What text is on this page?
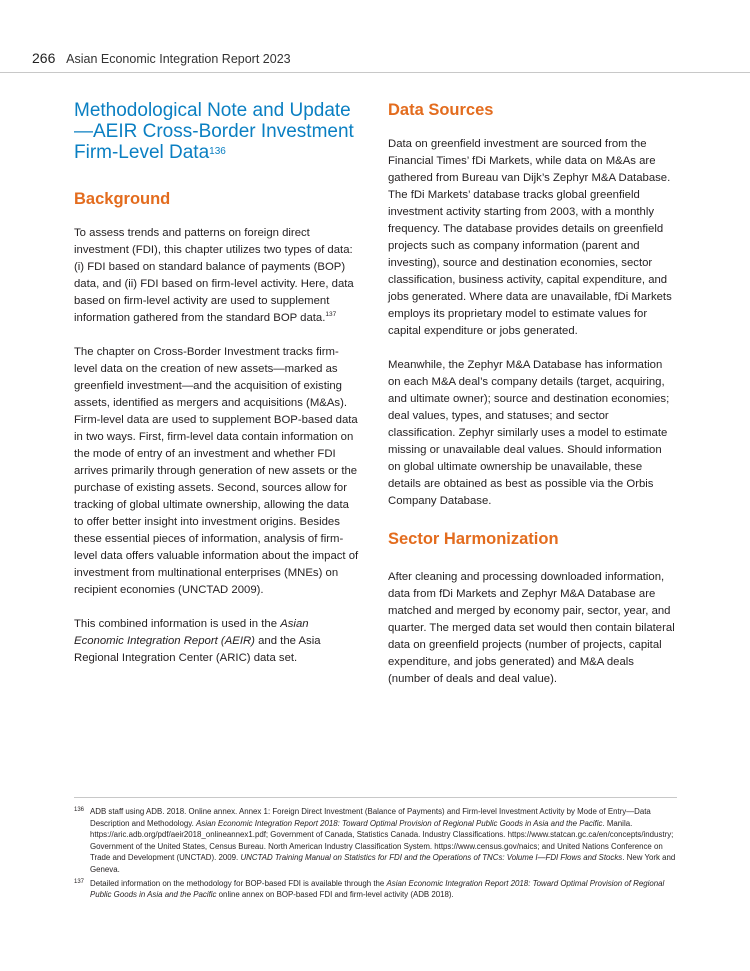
266 Asian Economic Integration Report 2023
Methodological Note and Update—AEIR Cross-Border Investment Firm-Level Data$^{136}$
Background

To assess trends and patterns on foreign direct investment (FDI), this chapter utilizes two types of data: (i) FDI based on standard balance of payments (BOP) data, and (ii) FDI based on firm-level activity. Here, data based on firm-level activity are used to supplement information gathered from the standard BOP data.$^{137}$

The chapter on Cross-Border Investment tracks firm-level data on the creation of new assets—marked as greenfield investment—and the acquisition of existing assets, identified as mergers and acquisitions (M&As). Firm-level data are used to supplement BOP-based data in two ways. First, firm-level data contain information on the mode of entry of an investment and whether FDI arrives primarily through generation of new assets or the purchase of existing assets. Second, sources allow for tracking of global ultimate ownership, allowing the data to offer better insight into investment origins. Besides these essential pieces of information, analysis of firm-level data offers valuable information about the impact of investment from multinational enterprises (MNEs) on recipient economies (UNCTAD 2009).

This combined information is used in the Asian Economic Integration Report (AEIR) and the Asia Regional Integration Center (ARIC) data set.

Data Sources

Data on greenfield investment are sourced from the Financial Times’ fDi Markets, while data on M&As are gathered from Bureau van Dijk’s Zephyr M&A Database. The fDi Markets’ database tracks global greenfield investment activity starting from 2003, with a monthly frequency. The database provides details on greenfield projects such as company information (parent and investing), source and destination economies, sector classification, business activity, capital expenditure, and jobs generated. Where data are unavailable, fDi Markets employs its proprietary model to estimate values for capital expenditure or jobs generated.

Meanwhile, the Zephyr M&A Database has information on each M&A deal’s company details (target, acquiring, and ultimate owner); source and destination economies; deal values, types, and statuses; and sector classification. Zephyr similarly uses a model to estimate missing or unavailable deal values. Should information on global ultimate ownership be unavailable, these details are obtained as best as possible via the Orbis Company Database.

Sector Harmonization

After cleaning and processing downloaded information, data from fDi Markets and Zephyr M&A Database are matched and merged by economy pair, sector, year, and quarter. The merged data set would then contain bilateral data on greenfield projects (number of projects, capital expenditure, and jobs generated) and M&A deals (number of deals and deal value).

136 ADB staff using ADB. 2018. Online annex. Annex 1: Foreign Direct Investment (Balance of Payments) and Firm-level Investment Activity by Mode of Entry—Data Description and Methodology. Asian Economic Integration Report 2018: Toward Optimal Provision of Regional Public Goods in Asia and the Pacific. Manila. https://aric.adb.org/pdf/aeir2018_onlineannex1.pdf; Government of Canada, Statistics Canada. Industry Classifications. https://www.statcan.gc.ca/en/concepts/industry; Government of the United States, Census Bureau. North American Industry Classification System. https://www.census.gov/naics; and United Nations Conference on Trade and Development (UNCTAD). 2009. UNCTAD Training Manual on Statistics for FDI and the Operations of TNCs: Volume I—FDI Flows and Stocks. New York and Geneva.
137 Detailed information on the methodology for BOP-based FDI is available through the Asian Economic Integration Report 2018: Toward Optimal Provision of Regional Public Goods in Asia and the Pacific online annex on BOP-based FDI and firm-level activity (ADB 2018).
